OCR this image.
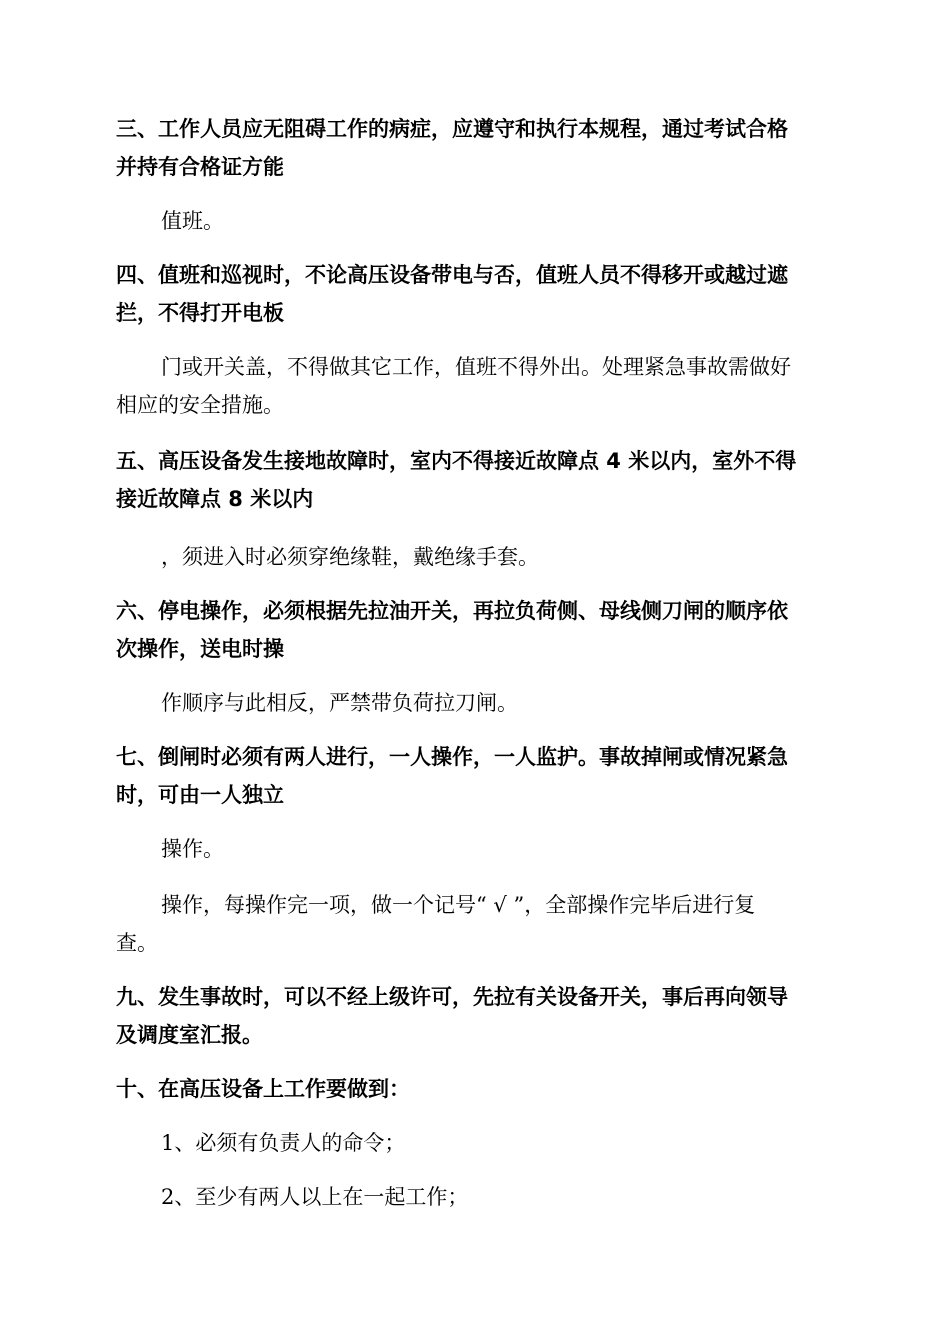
三、工作人员应无阻碍工作的病症，应遵守和执行本规程，通过考试合格
并持有合格证方能
值班。
四、值班和巡视时，不论高压设备带电与否，值班人员不得移开或越过遮
拦，不得打开电板
门或开关盖，不得做其它工作，值班不得外出。处理紧急事故需做好
相应的安全措施。
五、高压设备发生接地故障时，室内不得接近故障点 4 米以内，室外不得
接近故障点 8 米以内
，须进入时必须穿绝缘鞋，戴绝缘手套。
六、停电操作，必须根据先拉油开关，再拉负荷侧、母线侧刀闸的顺序依
次操作，送电时操
作顺序与此相反，严禁带负荷拉刀闸。
七、倒闸时必须有两人进行，一人操作，一人监护。事故掉闸或情况紧急
时，可由一人独立
操作。
操作，每操作完一项，做一个记号“ √ ”，全部操作完毕后进行复
查。
九、发生事故时，可以不经上级许可，先拉有关设备开关，事后再向领导
及调度室汇报。
十、在高压设备上工作要做到：
1、必须有负责人的命令；
2、至少有两人以上在一起工作；
